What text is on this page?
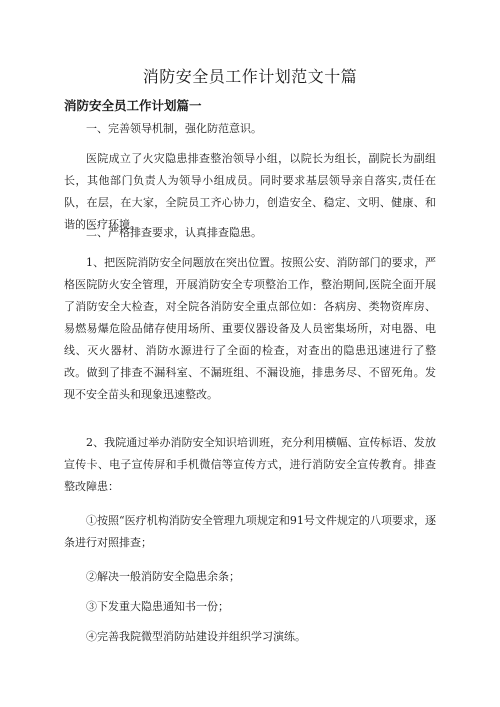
消防安全员工作计划范文十篇
消防安全员工作计划篇一
一、完善领导机制，强化防范意识。
医院成立了火灾隐患排查整治领导小组，以院长为组长，副院长为副组长，其他部门负责人为领导小组成员。同时要求基层领导亲自落实,责任在队，在层，在大家，全院员工齐心协力，创造安全、稳定、文明、健康、和谐的医疗环境。
二、严格排查要求，认真排查隐患。
1、把医院消防安全问题放在突出位置。按照公安、消防部门的要求，严格医院防火安全管理，开展消防安全专项整治工作，整治期间,医院全面开展了消防安全大检查，对全院各消防安全重点部位如：各病房、类物资库房、易燃易爆危险品储存使用场所、重要仪器设备及人员密集场所，对电器、电线、灭火器材、消防水源进行了全面的检查，对查出的隐患迅速进行了整改。做到了排查不漏科室、不漏班组、不漏设施，排患务尽、不留死角。发现不安全苗头和现象迅速整改。
2、我院通过举办消防安全知识培训班，充分利用横幅、宣传标语、发放宣传卡、电子宣传屏和手机微信等宣传方式，进行消防安全宣传教育。排查整改障患：
①按照“医疗机构消防安全管理九项规定和91号文件规定的八项要求，逐条进行对照排查；
②解决一般消防安全隐患余条；
③下发重大隐患通知书一份；
④完善我院微型消防站建设并组织学习演练。
